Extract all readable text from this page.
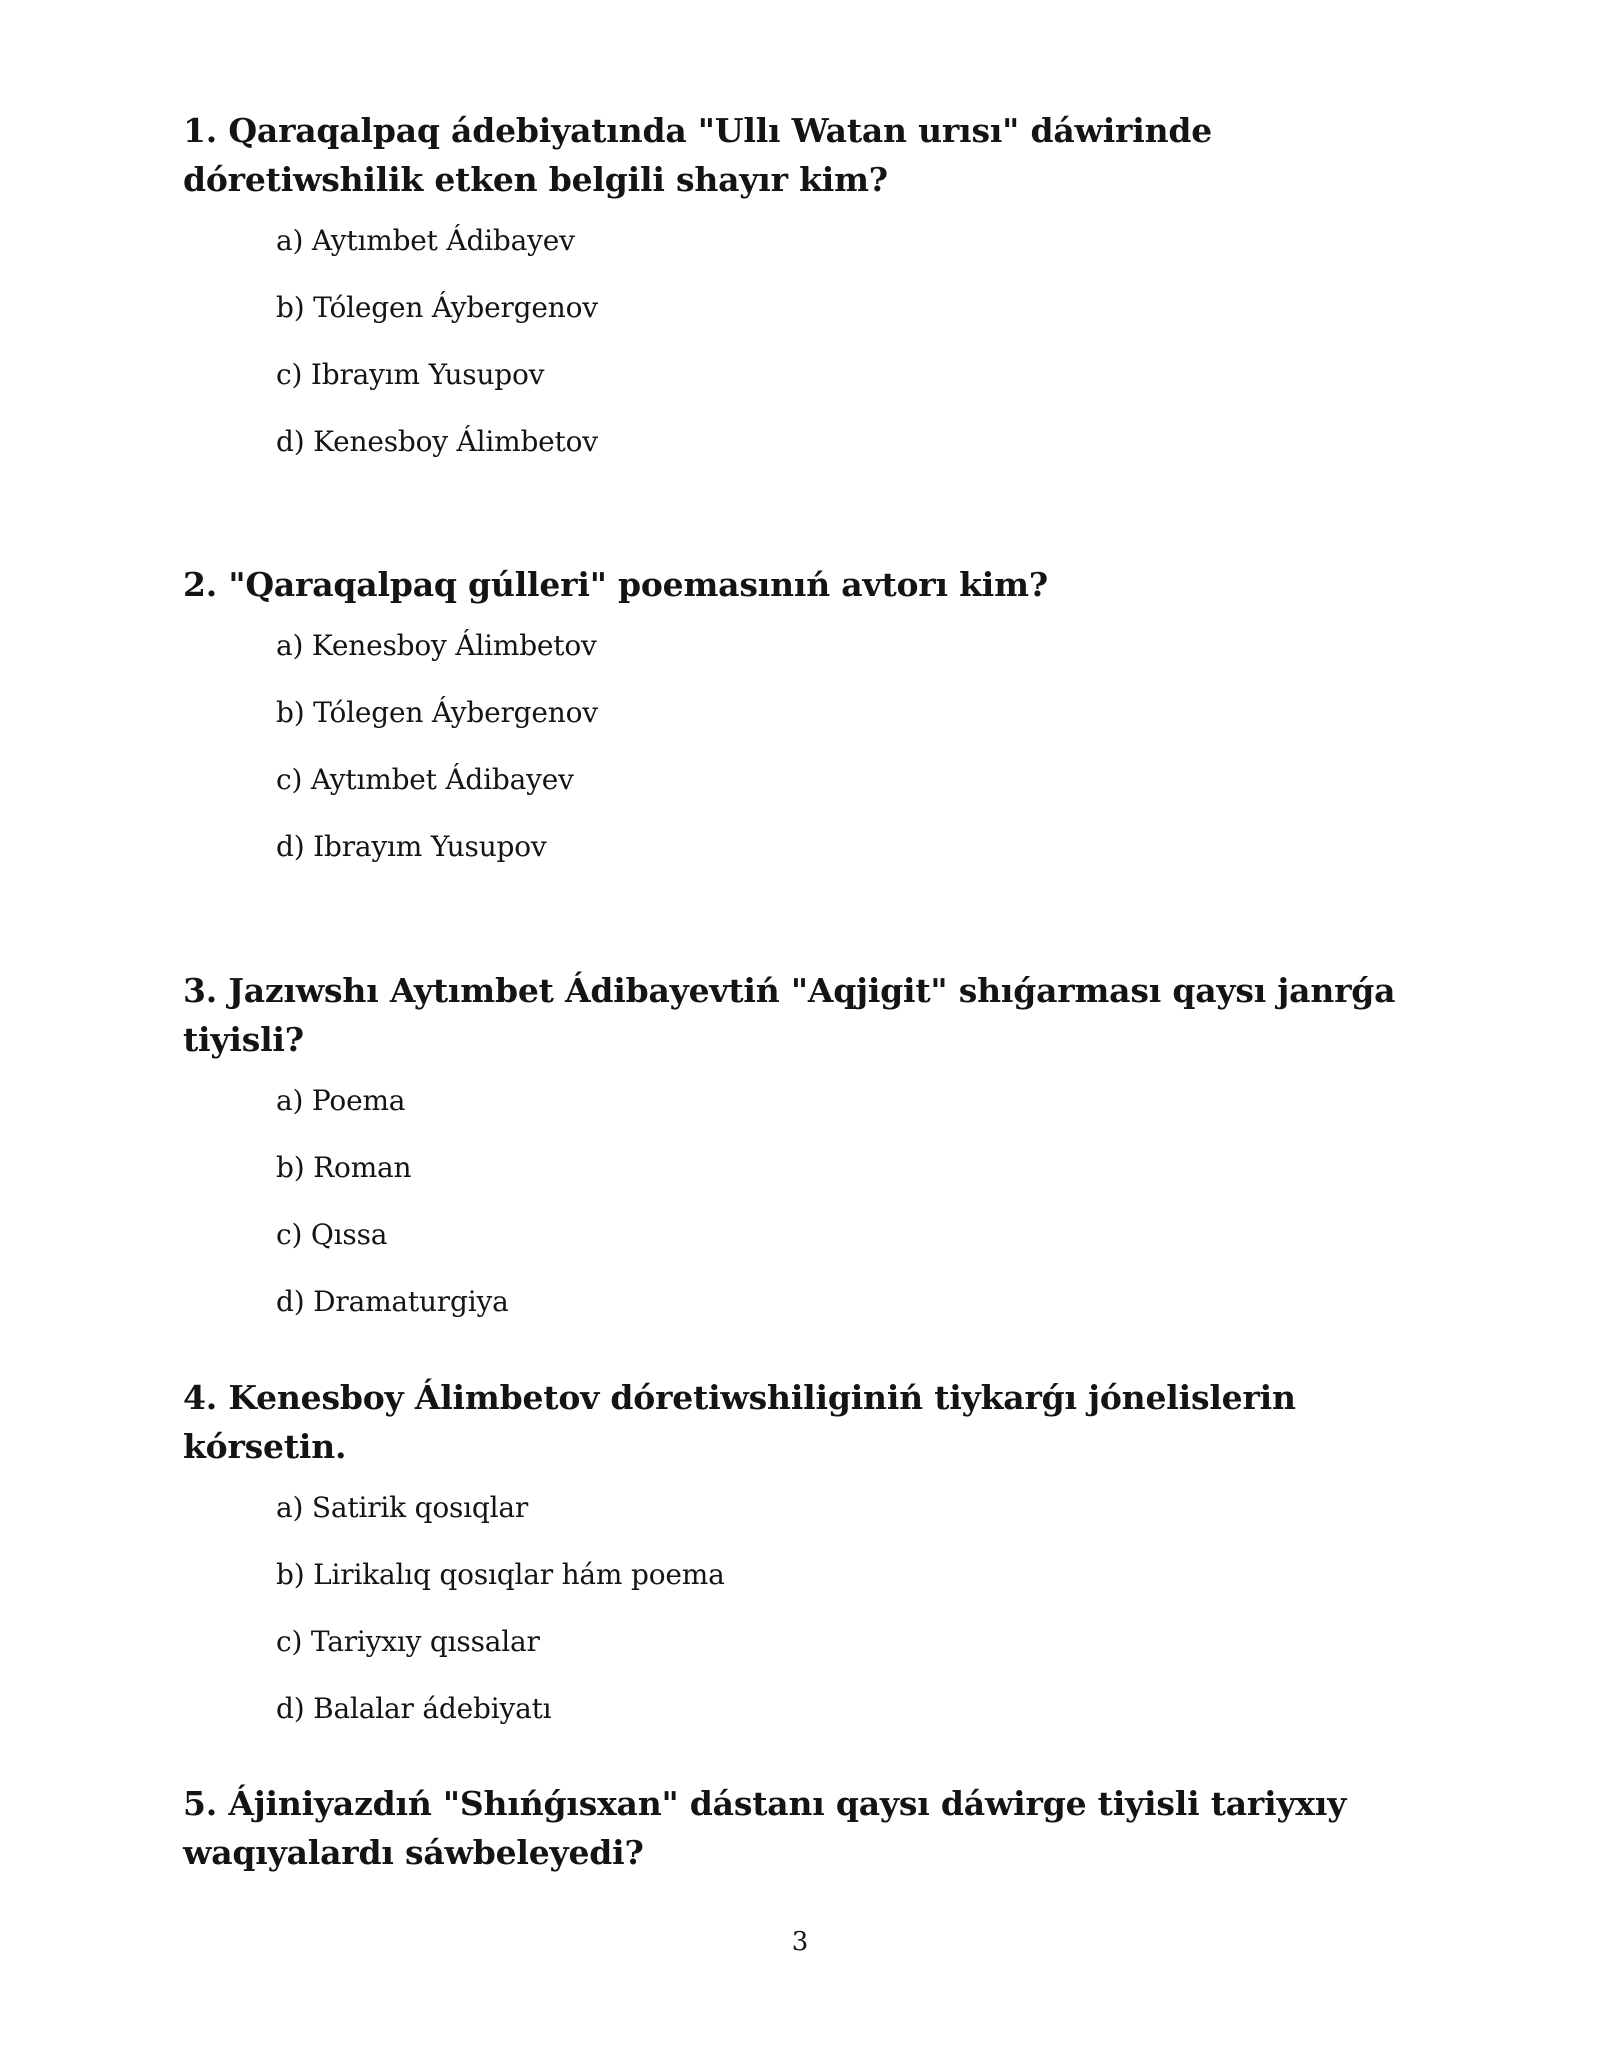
1. Qaraqalpaq ádebiyatında "Ullı Watan urısı" dáwirinde dóretiwshilik etken belgili shayır kim?

a) Aytımbet Ádibayev
b) Tólegen Áybergenov
c) Ibrayım Yusupov
d) Kenesboy Álimbetov

2. "Qaraqalpaq gúlleri" poemasınıń avtorı kim?

a) Kenesboy Álimbetov
b) Tólegen Áybergenov
c) Aytımbet Ádibayev
d) Ibrayım Yusupov

3. Jazıwshı Aytımbet Ádibayevtiń "Aqjigit" shıǵarması qaysı janrǵa tiyisli?

a) Poema
b) Roman
c) Qıssa
d) Dramaturgiya

4. Kenesboy Álimbetov dóretiwshiliginiń tiykarǵı jónelislerin kórsetin.

a) Satirik qosıqlar
b) Lirikalıq qosıqlar hám poema
c) Tariyxıy qıssalar
d) Balalar ádebiyatı

5. Ájiniyazdıń "Shıńǵısxan" dástanı qaysı dáwirge tiyisli tariyxıy waqıyalardı sáwbeleyedi?

3
